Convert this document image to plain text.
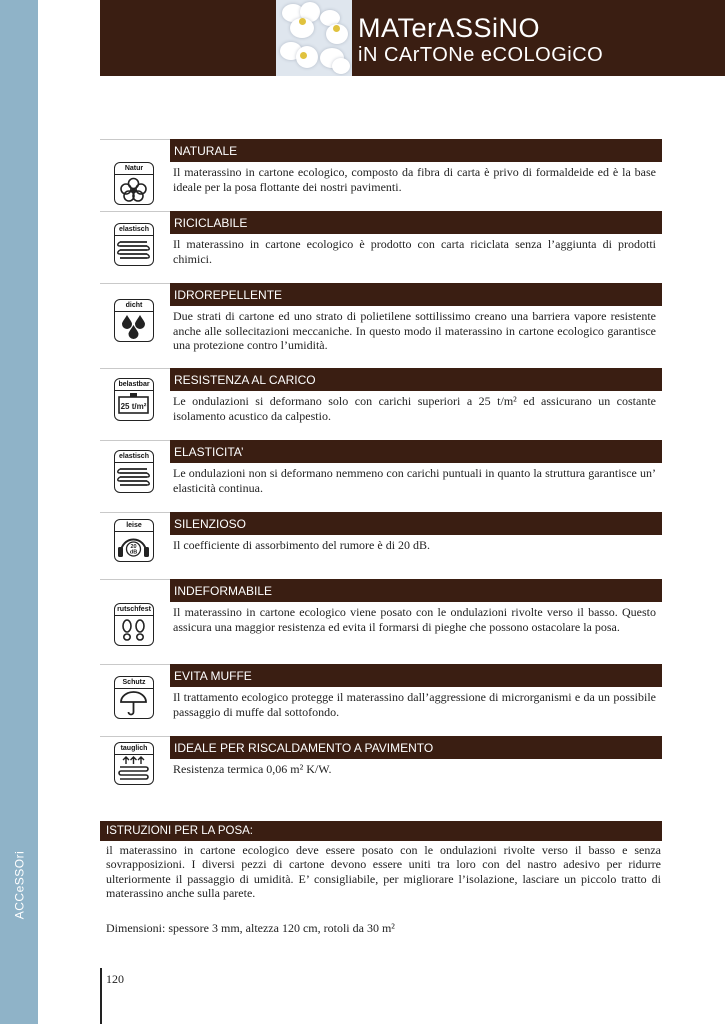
ACCeSSOri
MATerASSiNO
iN CArTONe eCOLOGiCO
Natur
NATURALE
Il materassino in cartone ecologico, composto da fibra di carta è privo di formaldeide ed è la base ideale per la posa flottante dei nostri pavimenti.
elastisch	RICICLABILE
Il materassino in cartone ecologico è prodotto con carta riciclata senza l’aggiunta di prodotti chimici.
dicht
IDROREPELLENTE
Due strati di cartone ed uno strato di polietilene sottilissimo creano una barriera vapore resistente anche alle sollecitazioni meccaniche. In questo modo il materassino in cartone ecologico garantisce una protezione contro l’umidità.
belastbar
25 t/m²
RESISTENZA AL CARICO
Le ondulazioni si deformano solo con carichi superiori a 25 t/m² ed assicurano un costante isolamento acustico da calpestio.
elastisch	ELASTICITA’
Le ondulazioni non si deformano nemmeno con carichi puntuali in quanto la struttura garantisce un’ elasticità continua.
leise
20
dB
SILENZIOSO
Il coefficiente di assorbimento del rumore è di 20 dB.
rutschfest
INDEFORMABILE
Il materassino in cartone ecologico viene posato con le ondulazioni rivolte verso il basso. Questo assicura una maggior resistenza ed evita il formarsi di pieghe che possono ostacolare la posa.
Schutz	EVITA MUFFE
Il trattamento ecologico protegge il materassino dall’aggressione di microrganismi e da un possibile passaggio di muffe dal sottofondo.
tauglich	IDEALE PER RISCALDAMENTO A PAVIMENTO
Resistenza termica 0,06 m² K/W.
ISTRUZIONI PER LA POSA:
il materassino in cartone ecologico deve essere posato con le ondulazioni rivolte verso il basso e senza sovrapposizioni. I diversi pezzi di cartone devono essere uniti tra loro con del nastro adesivo per ridurre ulteriormente il passaggio di umidità. E’ consigliabile, per migliorare l’isolazione, lasciare un piccolo tratto di materassino anche sulla parete.
Dimensioni: spessore 3 mm, altezza 120 cm, rotoli da 30 m²
120
